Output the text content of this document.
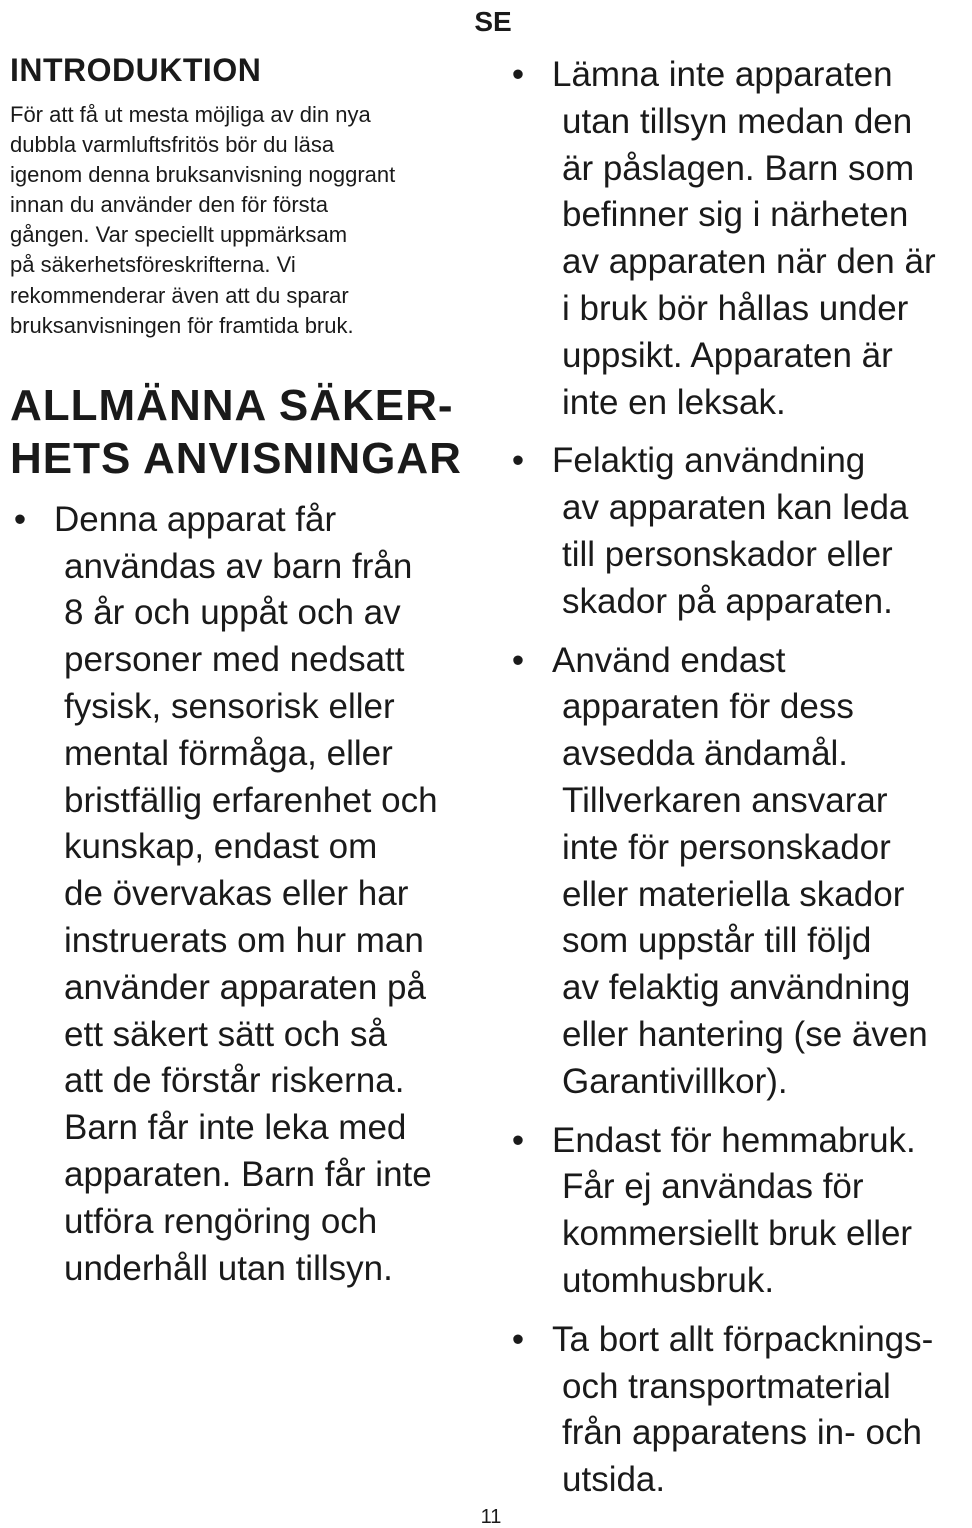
SE
INTRODUKTION

För att få ut mesta möjliga av din nya
dubbla varmluftsfritös bör du läsa
igenom denna bruksanvisning noggrant
innan du använder den för första
gången. Var speciellt uppmärksam
på säkerhetsföreskrifterna. Vi
rekommenderar även att du sparar
bruksanvisningen för framtida bruk.

ALLMÄNNA SÄKER-
HETS ANVISNINGAR
• Denna apparat får
användas av barn från
8 år och uppåt och av
personer med nedsatt
fysisk, sensorisk eller
mental förmåga, eller
bristfällig erfarenhet och
kunskap, endast om
de övervakas eller har
instruerats om hur man
använder apparaten på
ett säkert sätt och så
att de förstår riskerna.
Barn får inte leka med
apparaten. Barn får inte
utföra rengöring och
underhåll utan tillsyn.
• Lämna inte apparaten
utan tillsyn medan den
är påslagen. Barn som
befinner sig i närheten
av apparaten när den är
i bruk bör hållas under
uppsikt. Apparaten är
inte en leksak.
• Felaktig användning
av apparaten kan leda
till personskador eller
skador på apparaten.
• Använd endast
apparaten för dess
avsedda ändamål.
Tillverkaren ansvarar
inte för personskador
eller materiella skador
som uppstår till följd
av felaktig användning
eller hantering (se även
Garantivillkor).
• Endast för hemmabruk.
Får ej användas för
kommersiellt bruk eller
utomhusbruk.
• Ta bort allt förpacknings-
och transportmaterial
från apparatens in- och
utsida.
11
